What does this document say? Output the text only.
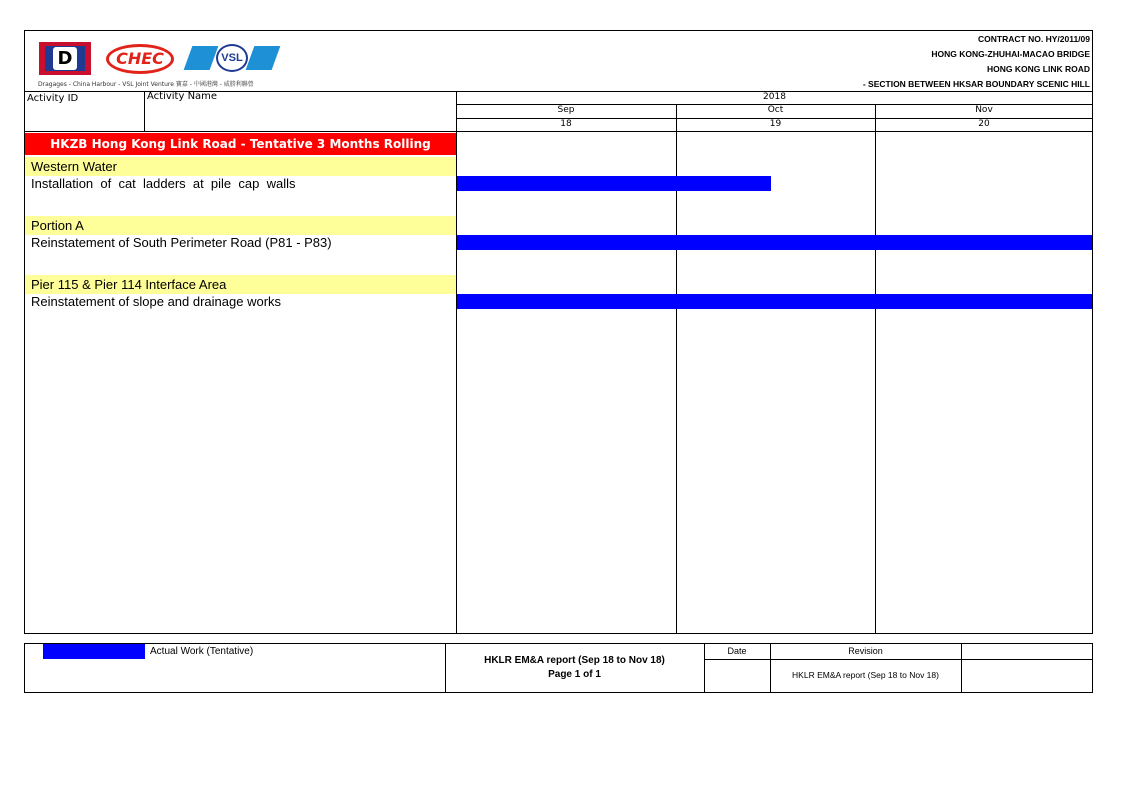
D	CHEC	VSL
Dragages - China Harbour - VSL Joint Venture 寶嘉 - 中國港灣 - 威勝利聯營
CONTRACT NO. HY/2011/09
HONG KONG-ZHUHAI-MACAO BRIDGE
HONG KONG LINK ROAD
- SECTION BETWEEN HKSAR BOUNDARY SCENIC HILL
Activity ID	Activity Name	2018
Sep	Oct	Nov
18	19	20
HKZB Hong Kong Link Road - Tentative 3 Months Rolling
Western Water
Installation  of  cat  ladders  at  pile  cap  walls
Portion A
Reinstatement of South Perimeter Road (P81 - P83)
Pier 115 & Pier 114 Interface Area
Reinstatement of slope and drainage works
Actual Work (Tentative)
HKLR EM&A report (Sep 18 to Nov 18)
Page 1 of 1
Date	Revision
HKLR EM&A report (Sep 18 to Nov 18)
